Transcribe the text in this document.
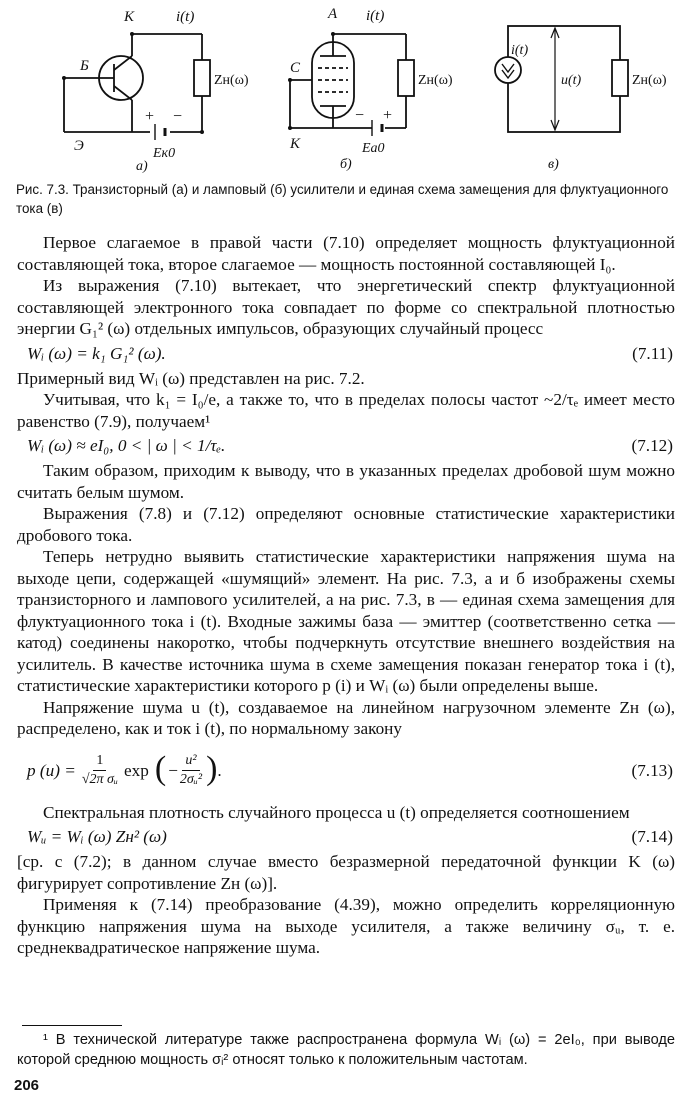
К	i(t)
Zн(ω)
Б
Э
+ −
Eк0
а)
А i(t)
Zн(ω)
С
К
− +
Eа0
б)
i(t)
u(t)	Zн(ω)
в)
Рис. 7.3. Транзисторный (а) и ламповый (б) усилители и единая схема замещения для флуктуационного тока (в)

Первое слагаемое в правой части (7.10) определяет мощность флуктуационной составляющей тока, второе слагаемое — мощность постоянной составляющей I₀.

Из выражения (7.10) вытекает, что энергетический спектр флуктуационной составляющей электронного тока совпадает по форме со спектральной плотностью энергии G₁² (ω) отдельных импульсов, образующих случайный процесс

Wᵢ (ω) = k₁ G₁² (ω).	(7.11)

Примерный вид Wᵢ (ω) представлен на рис. 7.2.

Учитывая, что k₁ = I₀/e, а также то, что в пределах полосы частот ~2/τₑ имеет место равенство (7.9), получаем¹

Wᵢ (ω) ≈ eI₀, 0 < | ω | < 1/τₑ.	(7.12)

Таким образом, приходим к выводу, что в указанных пределах дробовой шум можно считать белым шумом.

Выражения (7.8) и (7.12) определяют основные статистические характеристики дробового тока.

Теперь нетрудно выявить статистические характеристики напряжения шума на выходе цепи, содержащей «шумящий» элемент. На рис. 7.3, а и б изображены схемы транзисторного и лампового усилителей, а на рис. 7.3, в — единая схема замещения для флуктуационного тока i (t). Входные зажимы база — эмиттер (соответственно сетка — катод) соединены накоротко, чтобы подчеркнуть отсутствие внешнего воздействия на усилитель. В качестве источника шума в схеме замещения показан генератор тока i (t), статистические характеристики которого p (i) и Wᵢ (ω) были определены выше.

Напряжение шума u (t), создаваемое на линейном нагрузочном элементе Zн (ω), распределено, как и ток i (t), по нормальному закону

p $(u) = \frac{1}{\text{√2π σᵤ}}$ exp ( − $\frac{\text{u²}}{\text{2σᵤ²}}$ ) .	(7.13)

Спектральная плотность случайного процесса u (t) определяется соотношением

Wᵤ = Wᵢ (ω) Zн² (ω)	(7.14)

[ср. с (7.2); в данном случае вместо безразмерной передаточной функции K (ω) фигурирует сопротивление Zн (ω)].

Применяя к (7.14) преобразование (4.39), можно определить корреляционную функцию напряжения шума на выходе усилителя, а также величину σᵤ, т. е. среднеквадратическое напряжение шума.

¹ В технической литературе также распространена формула Wᵢ (ω) = 2eI₀, при выводе которой среднюю мощность σᵢ² относят только к положительным частотам.
206
